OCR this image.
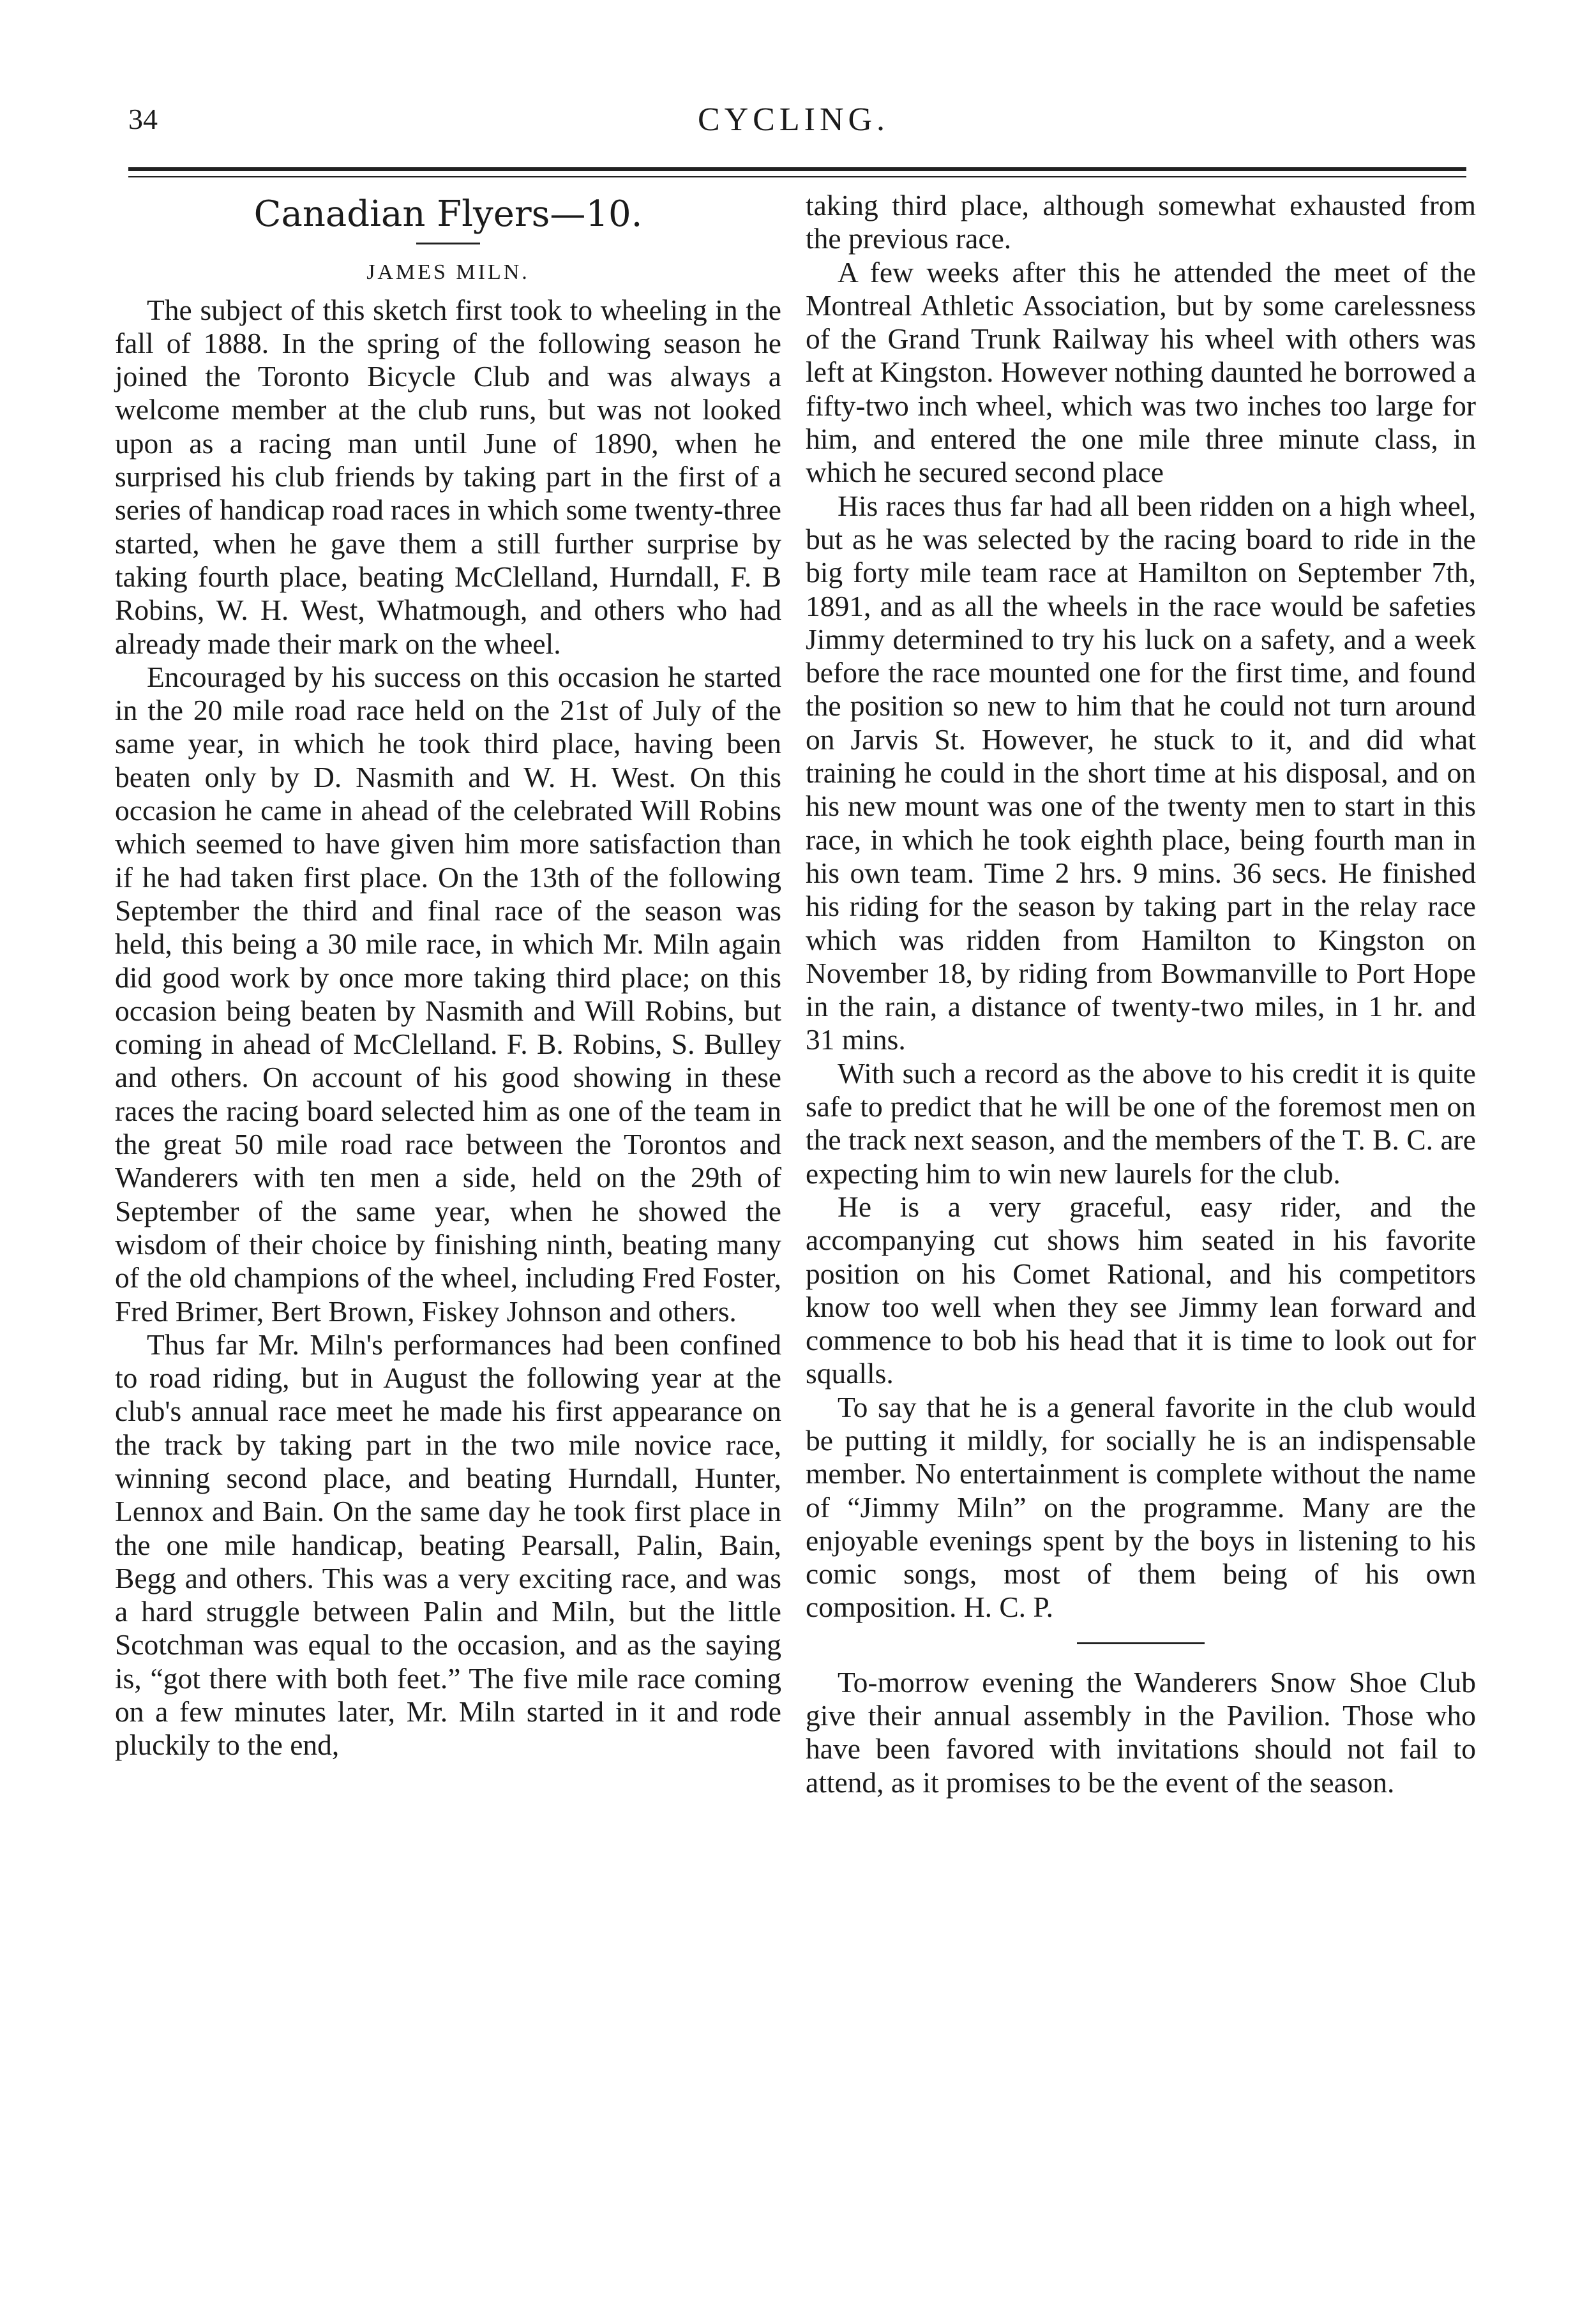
34	CYCLING.
Canadian Flyers—10.
JAMES MILN.

The subject of this sketch first took to wheeling in the fall of 1888. In the spring of the following season he joined the Toronto Bicycle Club and was always a welcome member at the club runs, but was not looked upon as a racing man until June of 1890, when he surprised his club friends by taking part in the first of a series of handicap road races in which some twenty-three started, when he gave them a still further surprise by taking fourth place, beating McClelland, Hurndall, F. B Robins, W. H. West, Whatmough, and others who had already made their mark on the wheel.

Encouraged by his success on this occasion he started in the 20 mile road race held on the 21st of July of the same year, in which he took third place, having been beaten only by D. Nasmith and W. H. West. On this occasion he came in ahead of the celebrated Will Robins which seemed to have given him more satisfaction than if he had taken first place. On the 13th of the following September the third and final race of the season was held, this being a 30 mile race, in which Mr. Miln again did good work by once more taking third place; on this occasion being beaten by Nasmith and Will Robins, but coming in ahead of McClelland. F. B. Robins, S. Bulley and others. On account of his good showing in these races the racing board selected him as one of the team in the great 50 mile road race between the Torontos and Wanderers with ten men a side, held on the 29th of September of the same year, when he showed the wisdom of their choice by finishing ninth, beating many of the old champions of the wheel, including Fred Foster, Fred Brimer, Bert Brown, Fiskey Johnson and others.

Thus far Mr. Miln's performances had been confined to road riding, but in August the following year at the club's annual race meet he made his first appearance on the track by taking part in the two mile novice race, winning second place, and beating Hurndall, Hunter, Lennox and Bain. On the same day he took first place in the one mile handicap, beating Pearsall, Palin, Bain, Begg and others. This was a very exciting race, and was a hard struggle between Palin and Miln, but the little Scotchman was equal to the occasion, and as the saying is, “got there with both feet.” The five mile race coming on a few minutes later, Mr. Miln started in it and rode pluckily to the end,

taking third place, although somewhat exhausted from the previous race.

A few weeks after this he attended the meet of the Montreal Athletic Association, but by some carelessness of the Grand Trunk Railway his wheel with others was left at Kingston. However nothing daunted he borrowed a fifty-two inch wheel, which was two inches too large for him, and entered the one mile three minute class, in which he secured second place

His races thus far had all been ridden on a high wheel, but as he was selected by the racing board to ride in the big forty mile team race at Hamilton on September 7th, 1891, and as all the wheels in the race would be safeties Jimmy determined to try his luck on a safety, and a week before the race mounted one for the first time, and found the position so new to him that he could not turn around on Jarvis St. However, he stuck to it, and did what training he could in the short time at his disposal, and on his new mount was one of the twenty men to start in this race, in which he took eighth place, being fourth man in his own team. Time 2 hrs. 9 mins. 36 secs. He finished his riding for the season by taking part in the relay race which was ridden from Hamilton to Kingston on November 18, by riding from Bowmanville to Port Hope in the rain, a distance of twenty-two miles, in 1 hr. and 31 mins.

With such a record as the above to his credit it is quite safe to predict that he will be one of the foremost men on the track next season, and the members of the T. B. C. are expecting him to win new laurels for the club.

He is a very graceful, easy rider, and the accompanying cut shows him seated in his favorite position on his Comet Rational, and his competitors know too well when they see Jimmy lean forward and commence to bob his head that it is time to look out for squalls.

To say that he is a general favorite in the club would be putting it mildly, for socially he is an indispensable member. No entertainment is complete without the name of “Jimmy Miln” on the programme. Many are the enjoyable evenings spent by the boys in listening to his comic songs, most of them being of his own composition. H. C. P.

To-morrow evening the Wanderers Snow Shoe Club give their annual assembly in the Pavilion. Those who have been favored with invitations should not fail to attend, as it promises to be the event of the season.
